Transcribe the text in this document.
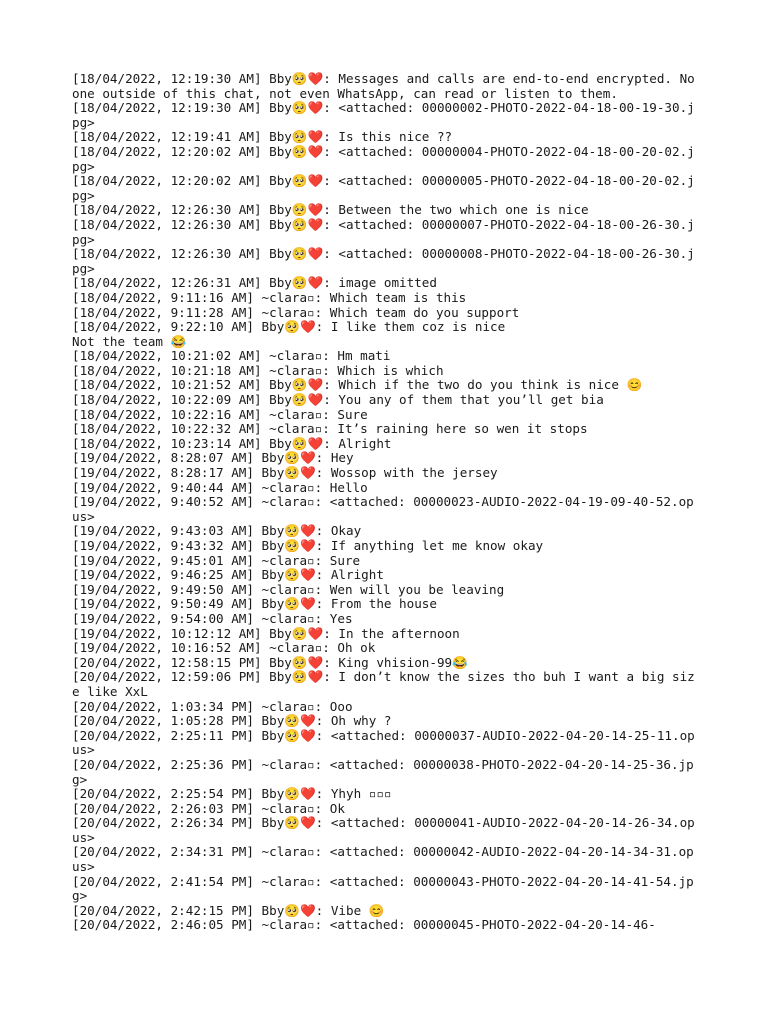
[18/04/2022, 12:19:30 AM] Bby🥺❤️: Messages and calls are end-to-end encrypted. No one outside of this chat, not even WhatsApp, can read or listen to them.
[18/04/2022, 12:19:30 AM] Bby🥺❤️: <attached: 00000002-PHOTO-2022-04-18-00-19-30.jpg>
[18/04/2022, 12:19:41 AM] Bby🥺❤️: Is this nice ??
[18/04/2022, 12:20:02 AM] Bby🥺❤️: <attached: 00000004-PHOTO-2022-04-18-00-20-02.jpg>
[18/04/2022, 12:20:02 AM] Bby🥺❤️: <attached: 00000005-PHOTO-2022-04-18-00-20-02.jpg>
[18/04/2022, 12:26:30 AM] Bby🥺❤️: Between the two which one is nice
[18/04/2022, 12:26:30 AM] Bby🥺❤️: <attached: 00000007-PHOTO-2022-04-18-00-26-30.jpg>
[18/04/2022, 12:26:30 AM] Bby🥺❤️: <attached: 00000008-PHOTO-2022-04-18-00-26-30.jpg>
[18/04/2022, 12:26:31 AM] Bby🥺❤️: image omitted
[18/04/2022, 9:11:16 AM] ~clara▫: Which team is this
[18/04/2022, 9:11:28 AM] ~clara▫: Which team do you support
[18/04/2022, 9:22:10 AM] Bby🥺❤️: I like them coz is nice
Not the team 😂
[18/04/2022, 10:21:02 AM] ~clara▫: Hm mati
[18/04/2022, 10:21:18 AM] ~clara▫: Which is which
[18/04/2022, 10:21:52 AM] Bby🥺❤️: Which if the two do you think is nice 😊
[18/04/2022, 10:22:09 AM] Bby🥺❤️: You any of them that you’ll get bia
[18/04/2022, 10:22:16 AM] ~clara▫: Sure
[18/04/2022, 10:22:32 AM] ~clara▫: It’s raining here so wen it stops
[18/04/2022, 10:23:14 AM] Bby🥺❤️: Alright
[19/04/2022, 8:28:07 AM] Bby🥺❤️: Hey
[19/04/2022, 8:28:17 AM] Bby🥺❤️: Wossop with the jersey
[19/04/2022, 9:40:44 AM] ~clara▫: Hello
[19/04/2022, 9:40:52 AM] ~clara▫: <attached: 00000023-AUDIO-2022-04-19-09-40-52.opus>
[19/04/2022, 9:43:03 AM] Bby🥺❤️: Okay
[19/04/2022, 9:43:32 AM] Bby🥺❤️: If anything let me know okay
[19/04/2022, 9:45:01 AM] ~clara▫: Sure
[19/04/2022, 9:46:25 AM] Bby🥺❤️: Alright
[19/04/2022, 9:49:50 AM] ~clara▫: Wen will you be leaving
[19/04/2022, 9:50:49 AM] Bby🥺❤️: From the house
[19/04/2022, 9:54:00 AM] ~clara▫: Yes
[19/04/2022, 10:12:12 AM] Bby🥺❤️: In the afternoon
[19/04/2022, 10:16:52 AM] ~clara▫: Oh ok
[20/04/2022, 12:58:15 PM] Bby🥺❤️: King vhision-99😂
[20/04/2022, 12:59:06 PM] Bby🥺❤️: I don’t know the sizes tho buh I want a big size like XxL
[20/04/2022, 1:03:34 PM] ~clara▫: Ooo
[20/04/2022, 1:05:28 PM] Bby🥺❤️: Oh why ?
[20/04/2022, 2:25:11 PM] Bby🥺❤️: <attached: 00000037-AUDIO-2022-04-20-14-25-11.opus>
[20/04/2022, 2:25:36 PM] ~clara▫: <attached: 00000038-PHOTO-2022-04-20-14-25-36.jpg>
[20/04/2022, 2:25:54 PM] Bby🥺❤️: Yhyh ▫▫▫
[20/04/2022, 2:26:03 PM] ~clara▫: Ok
[20/04/2022, 2:26:34 PM] Bby🥺❤️: <attached: 00000041-AUDIO-2022-04-20-14-26-34.opus>
[20/04/2022, 2:34:31 PM] ~clara▫: <attached: 00000042-AUDIO-2022-04-20-14-34-31.opus>
[20/04/2022, 2:41:54 PM] ~clara▫: <attached: 00000043-PHOTO-2022-04-20-14-41-54.jpg>
[20/04/2022, 2:42:15 PM] Bby🥺❤️: Vibe 😊
[20/04/2022, 2:46:05 PM] ~clara▫: <attached: 00000045-PHOTO-2022-04-20-14-46-
